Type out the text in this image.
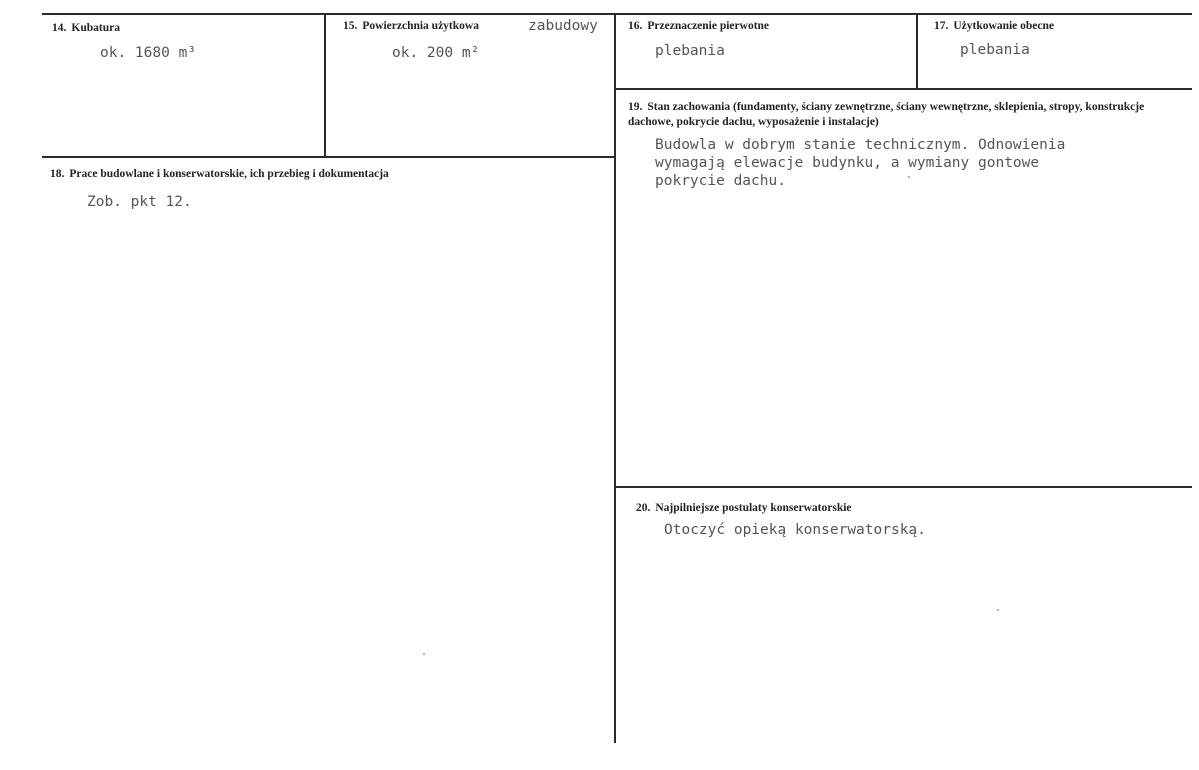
14. Kubatura
ok. 1680 m³
15. Powierzchnia użytkowa	zabudowy
ok. 200 m²
16. Przeznaczenie pierwotne
plebania
17. Użytkowanie obecne
plebania
18. Prace budowlane i konserwatorskie, ich przebieg i dokumentacja
Zob. pkt 12.
19. Stan zachowania (fundamenty, ściany zewnętrzne, ściany wewnętrzne, sklepienia, stropy, konstrukcje dachowe, pokrycie dachu, wyposażenie i instalacje)
Budowla w dobrym stanie technicznym. Odnowienia wymagają elewacje budynku, a wymiany gontowe pokrycie dachu.
20. Najpilniejsze postulaty konserwatorskie
Otoczyć opieką konserwatorską.
